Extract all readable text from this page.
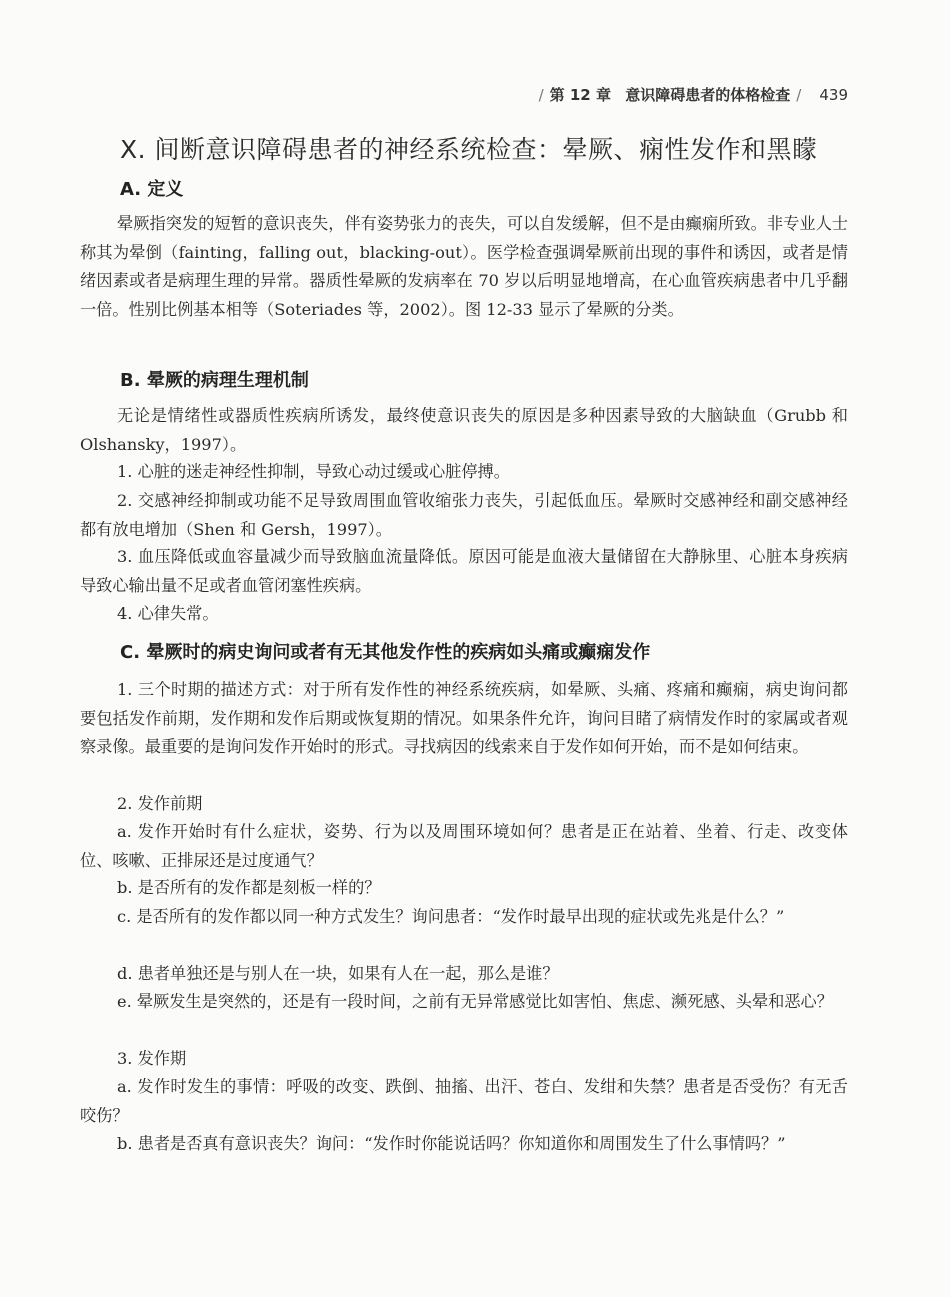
/ 第 12 章 意识障碍患者的体格检查 / 439
X. 间断意识障碍患者的神经系统检查：晕厥、痫性发作和黑矇
A. 定义

晕厥指突发的短暂的意识丧失，伴有姿势张力的丧失，可以自发缓解，但不是由癫痫所致。非专业人士称其为晕倒（fainting，falling out，blacking-out）。医学检查强调晕厥前出现的事件和诱因，或者是情绪因素或者是病理生理的异常。器质性晕厥的发病率在 70 岁以后明显地增高，在心血管疾病患者中几乎翻一倍。性别比例基本相等（Soteriades 等，2002）。图 12-33 显示了晕厥的分类。

B. 晕厥的病理生理机制

无论是情绪性或器质性疾病所诱发，最终使意识丧失的原因是多种因素导致的大脑缺血（Grubb 和 Olshansky，1997）。

1. 心脏的迷走神经性抑制，导致心动过缓或心脏停搏。

2. 交感神经抑制或功能不足导致周围血管收缩张力丧失，引起低血压。晕厥时交感神经和副交感神经都有放电增加（Shen 和 Gersh，1997）。

3. 血压降低或血容量减少而导致脑血流量降低。原因可能是血液大量储留在大静脉里、心脏本身疾病导致心输出量不足或者血管闭塞性疾病。

4. 心律失常。

C. 晕厥时的病史询问或者有无其他发作性的疾病如头痛或癫痫发作

1. 三个时期的描述方式：对于所有发作性的神经系统疾病，如晕厥、头痛、疼痛和癫痫，病史询问都要包括发作前期，发作期和发作后期或恢复期的情况。如果条件允许，询问目睹了病情发作时的家属或者观察录像。最重要的是询问发作开始时的形式。寻找病因的线索来自于发作如何开始，而不是如何结束。

2. 发作前期

a. 发作开始时有什么症状，姿势、行为以及周围环境如何？患者是正在站着、坐着、行走、改变体位、咳嗽、正排尿还是过度通气？

b. 是否所有的发作都是刻板一样的？

c. 是否所有的发作都以同一种方式发生？询问患者：“发作时最早出现的症状或先兆是什么？”

d. 患者单独还是与别人在一块，如果有人在一起，那么是谁？

e. 晕厥发生是突然的，还是有一段时间，之前有无异常感觉比如害怕、焦虑、濒死感、头晕和恶心？

3. 发作期

a. 发作时发生的事情：呼吸的改变、跌倒、抽搐、出汗、苍白、发绀和失禁？患者是否受伤？有无舌咬伤？

b. 患者是否真有意识丧失？询问：“发作时你能说话吗？你知道你和周围发生了什么事情吗？”
